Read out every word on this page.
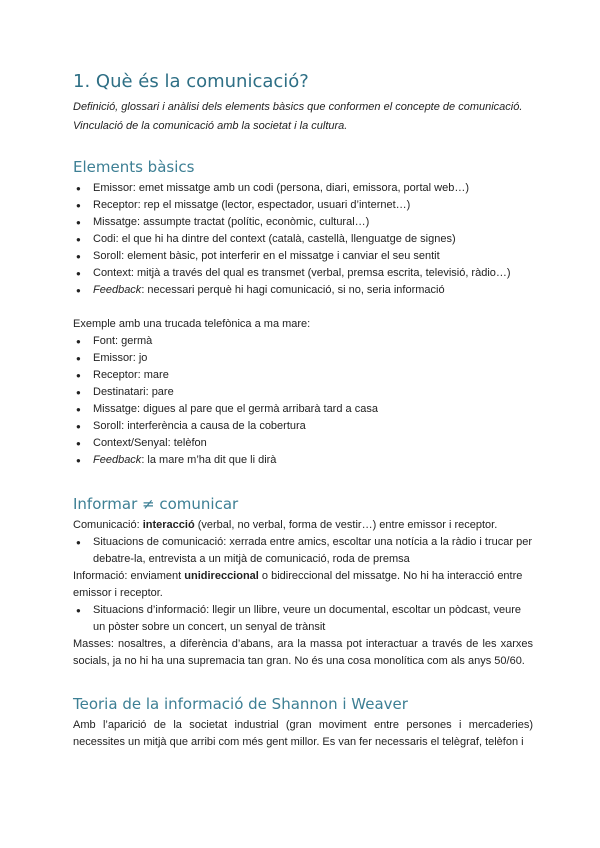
1. Què és la comunicació?
Definició, glossari i anàlisi dels elements bàsics que conformen el concepte de comunicació.
Vinculació de la comunicació amb la societat i la cultura.
Elements bàsics
● Emissor: emet missatge amb un codi (persona, diari, emissora, portal web…)
● Receptor: rep el missatge (lector, espectador, usuari d’internet…)
● Missatge: assumpte tractat (polític, econòmic, cultural…)
● Codi: el que hi ha dintre del context (català, castellà, llenguatge de signes)
● Soroll: element bàsic, pot interferir en el missatge i canviar el seu sentit
● Context: mitjà a través del qual es transmet (verbal, premsa escrita, televisió, ràdio…)
● Feedback: necessari perquè hi hagi comunicació, si no, seria informació

Exemple amb una trucada telefònica a ma mare:

● Font: germà
● Emissor: jo
● Receptor: mare
● Destinatari: pare
● Missatge: digues al pare que el germà arribarà tard a casa
● Soroll: interferència a causa de la cobertura
● Context/Senyal: telèfon
● Feedback: la mare m’ha dit que li dirà
Informar ≠ comunicar

Comunicació: interacció (verbal, no verbal, forma de vestir…) entre emissor i receptor.

● Situacions de comunicació: xerrada entre amics, escoltar una notícia a la ràdio i trucar per debatre-la, entrevista a un mitjà de comunicació, roda de premsa

Informació: enviament unidireccional o bidireccional del missatge. No hi ha interacció entre emissor i receptor.

● Situacions d’informació: llegir un llibre, veure un documental, escoltar un pòdcast, veure un pòster sobre un concert, un senyal de trànsit

Masses: nosaltres, a diferència d’abans, ara la massa pot interactuar a través de les xarxes socials, ja no hi ha una supremacia tan gran. No és una cosa monolítica com als anys 50/60.

Teoria de la informació de Shannon i Weaver

Amb l’aparició de la societat industrial (gran moviment entre persones i mercaderies) necessites un mitjà que arribi com més gent millor. Es van fer necessaris el telègraf, telèfon i
